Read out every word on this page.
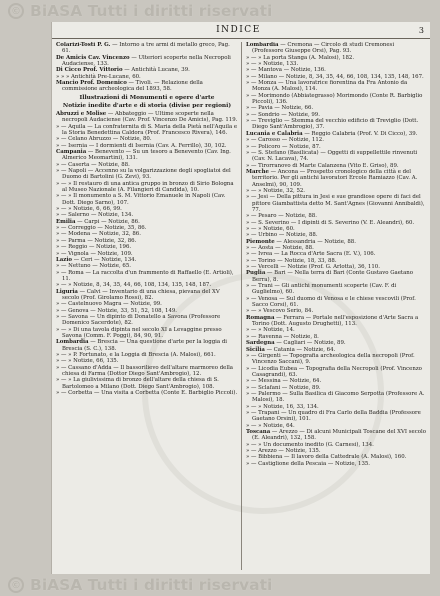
© BiASA Tutti i diritti riservati
INDICE	3

Colarizi-Tosti P. G. — Intorno a tre armi di metallo greco, Pag. 61.

De Amicis Cav. Vincenzo — Ulteriori scoperte nella Necropoli Audaciense, 133.

Di Cicco Prof. Vittorio — Antichità Lucane, 39.

» » » Antichità Pre-Lucane, 60.

Mancio Prof. Domenico — Tivoli. — Relazione della commissione archeologica del 1893, 58.

Illustrazioni di Monumenti e opere d'arte

Notizie inedite d'arte e di storia (divise per regioni)

Abruzzi e Molise — Abbateggio — Ultime scoperte nella necropoli Audaciense (Cav. Prof. Vincenzo De Amicis), Pag. 119.

» — Aquila — La confraternita di S. Maria della Pietà nell'Aquila e la Storia Benedettina Caldora (Prof. Francesco Rivera), 146.

» — Celano Abruzzo — Notizie, 80.

» — Isernia — I dormienti di Isernia (Cav. A. Ferrillo), 30, 102.

Campania — Benevento — Su un tesoro a Benevento (Cav. Ing. Almerico Meomartini), 131.

» — Caserta — Notizie, 88.

» — Napoli — Accenno su la volgarizzazione degli spogliatoi del Duomo di Bartolini (G. Zevi), 93.

» — » Il restauro di una antica gruppo in bronzo di Sirio Bologna al Museo Nazionale (A. Filangieri di Candida), 10.

» — » Il monumento a S. M. Vittorio Emanuele in Napoli (Cav. Dott. Diego Sarno), 107.

» — » Notizie, 6, 66, 99.

» — Salerno — Notizie, 134.

Emilia — Carpi — Notizie, 86.

» — Correggio — Notizie, 35, 86.

» — Modena — Notizie, 32, 86.

» — Parma — Notizie, 32, 86.

» — Reggio — Notizie, 196.

» — Vignola — Notizie, 109.

Lazio — Ceri — Notizie, 134.

» — Nettuno — Notizie, 65.

» — Roma — La raccolta d'un frammento di Raffaello (E. Artioli), 11.

» — » Notizie, 8, 34, 35, 44, 66, 108, 134, 135, 148, 187.

Liguria — Calvi — Inventario di una chiesa, pievana del XV secolo (Prof. Girolamo Rossi), 82.

» — Castelnuovo Magra — Notizie, 99.

» — Genova — Notizie, 33, 51, 52, 108, 149.

» — Savona — Un dipinto di Donatello a Savona (Professore Domenico Sacerdote), 82.

» — » Di una tavola dipinta nel secolo XI a Levaggine presso Savona (Comm. F. Poggi), 84, 90, 91.

Lombardia — Brescia — Una questione d'arte per la loggia di Brescia (S. C.), 138.

» — » P. Fortunato, e la Loggia di Brescia (A. Malosi), 661.

» — » Notizie, 66, 135.

» — Cassano d'Adda — Il bassorilievo dell'altare marmoreo della chiesa di Farma (Dottor Diego Sant'Ambrogio), 12.

» — » La giulivissima di bronzo dell'altare della chiesa di S. Bartolomeo a Milano (Dott. Diego Sant'Ambrogio), 108.

» — Corbetta — Una visita a Corbetta (Conte E. Barbiglio Piccoli).

Lombardia — Cremona — Circolo di studi Cremonesi (Professore Giuseppe Orsi), Pag. 93.

» — » La porta Stanga (A. Malosi), 182.

» — » Notizie, 133.

» — Mantova — Notizie, 136.

» — Milano — Notizie, 8, 34, 35, 44, 66, 108, 134, 135, 148, 167.

» — Monza — Una lavoratrice fiorentina da Fra Antonio da Monza (A. Malosi), 114.

» — Morimondo (Abbiategrasso) Morimondo (Conte R. Barbiglio Piccoli), 136.

» — Pavia — Notizie, 66.

» — Sondrio — Notizie, 99.

» — Treviglio — Stemma del vecchio edificio di Treviglio (Dott. Diego Sant'Ambrogio), 37.

Lucania e Calabria — Reggio Calabria (Prof. V. Di Cicco), 39.

» — Carosso — Notizie, 112.

» — Policoro — Notizie, 87.

» — S. Stefano (Basilicata) — Oggetti di suppellettile rinvenuti (Cav. N. Lacava), 74.

» — Tirorranovo di Marte Calanzena (Vito E. Griso), 89.

Marche — Ancona — Prospetto cronologico della città e del territorio. Per gli antichi lavoratori Ercole Ramiazzo (Cav. A. Anselmi), 90, 109.

» — » Notizie, 32, 52.

» — Jesi — Della pittura in Jesi e sue grandiose opere di faci del pittore Giambattista detto M. Sant'Agnes (Giovanni Annibaldi), 77.

» — Pesaro — Notizie, 88.

» — S. Severino — I dipinti di S. Severino (V. E. Aleandri), 60.

» — » Notizie, 60.

» — Urbino — Notizie, 88.

Piemonte — Alessandria — Notizie, 88.

» — Aosta — Notizie, 88.

» — Ivrea — La Rocca d'Arte Sacra (E. V.), 106.

» — Torino — Notizie, 18, 33, 88.

» — Vercelli — Notizie (Prof. G. Arlotta), 36, 110.

Puglia — Bari — Nella terra di Bari (Conte Gustavo Gaetano Berra), 8.

» — Trani — Gli antichi monumenti scoperte (Cav. F. di Guglielmo), 60.

» — Venosa — Sul duomo di Venosa e le chiese vescovili (Prof. Sacco Corsi), 61.

» — » Vescovo Serio, 84.

Romagna — Ferrara — Portale nell'esposizione d'Arte Sacra a Torino (Dott. Augusto Drughetti), 113.

» — » Notizie, 14.

» — Ravenna — Notizie, 8.

Sardegna — Cagliari — Notizie, 89.

Sicilia — Catania — Notizie, 64.

» — Girgenti — Topografia archeologica della necropoli (Prof. Vincenzo Saccani), 9.

» — Licodia Eubea — Topografia della Necropoli (Prof. Vincenzo Casagrandi), 63.

» — Messina — Notizie, 64.

» — Sclafani — Notizie, 89.

» — Palermo — Sulla Basilica di Giacomo Serpotta (Professore A. Malosi), 18.

» — » Notizie, 16, 33, 134.

» — Trapani — Un quadro di Fra Carlo della Baddia (Professore Gaetano Orsini), 101.

» — » Notizie, 64.

Toscana — Arezzo — Di alcuni Municipali Toscane del XVI secolo (E. Aleandri), 132, 158.

» — » Un documento inedito (G. Carnesi), 134.

» — Arezzo — Notizie, 135.

» — Bibbiena — Il lavoro della Cattedrale (A. Malosi), 160.

» — Castiglione della Pescaia — Notizie, 135.

© BiASA Tutti i diritti riservati
